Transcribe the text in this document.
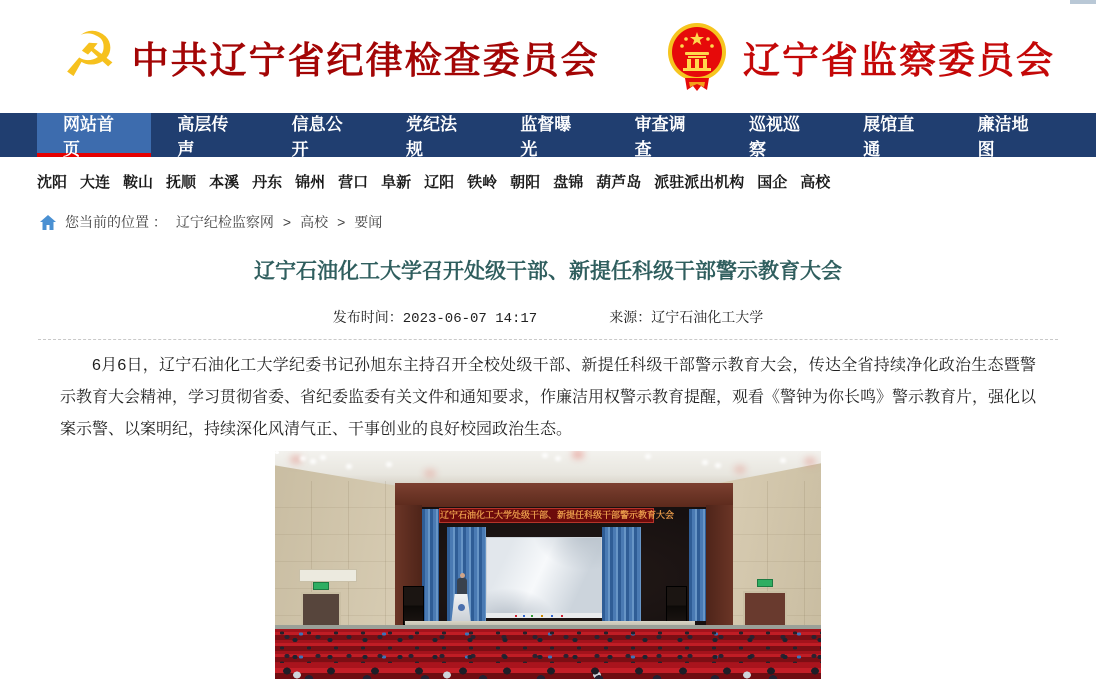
☭ 中共辽宁省纪律检查委员会	辽宁省监察委员会
网站首页
高层传声
信息公开
党纪法规
监督曝光
审查调查
巡视巡察
展馆直通
廉洁地图
沈阳 大连 鞍山 抚顺 本溪 丹东 锦州 营口 阜新 辽阳 铁岭 朝阳 盘锦 葫芦岛 派驻派出机构 国企 高校
您当前的位置 ： 辽宁纪检监察网 > 高校 > 要闻
辽宁石油化工大学召开处级干部、新提任科级干部警示教育大会
发布时间：2023-06-07 14:17	来源：辽宁石油化工大学

6月6日，辽宁石油化工大学纪委书记孙旭东主持召开全校处级干部、新提任科级干部警示教育大会，传达全省持续净化政治生态暨警示教育大会精神，学习贯彻省委、省纪委监委有关文件和通知要求，作廉洁用权警示教育提醒，观看《警钟为你长鸣》警示教育片，强化以案示警、以案明纪，持续深化风清气正、干事创业的良好校园政治生态。

辽宁石油化工大学处级干部、新提任科级干部警示教育大会
